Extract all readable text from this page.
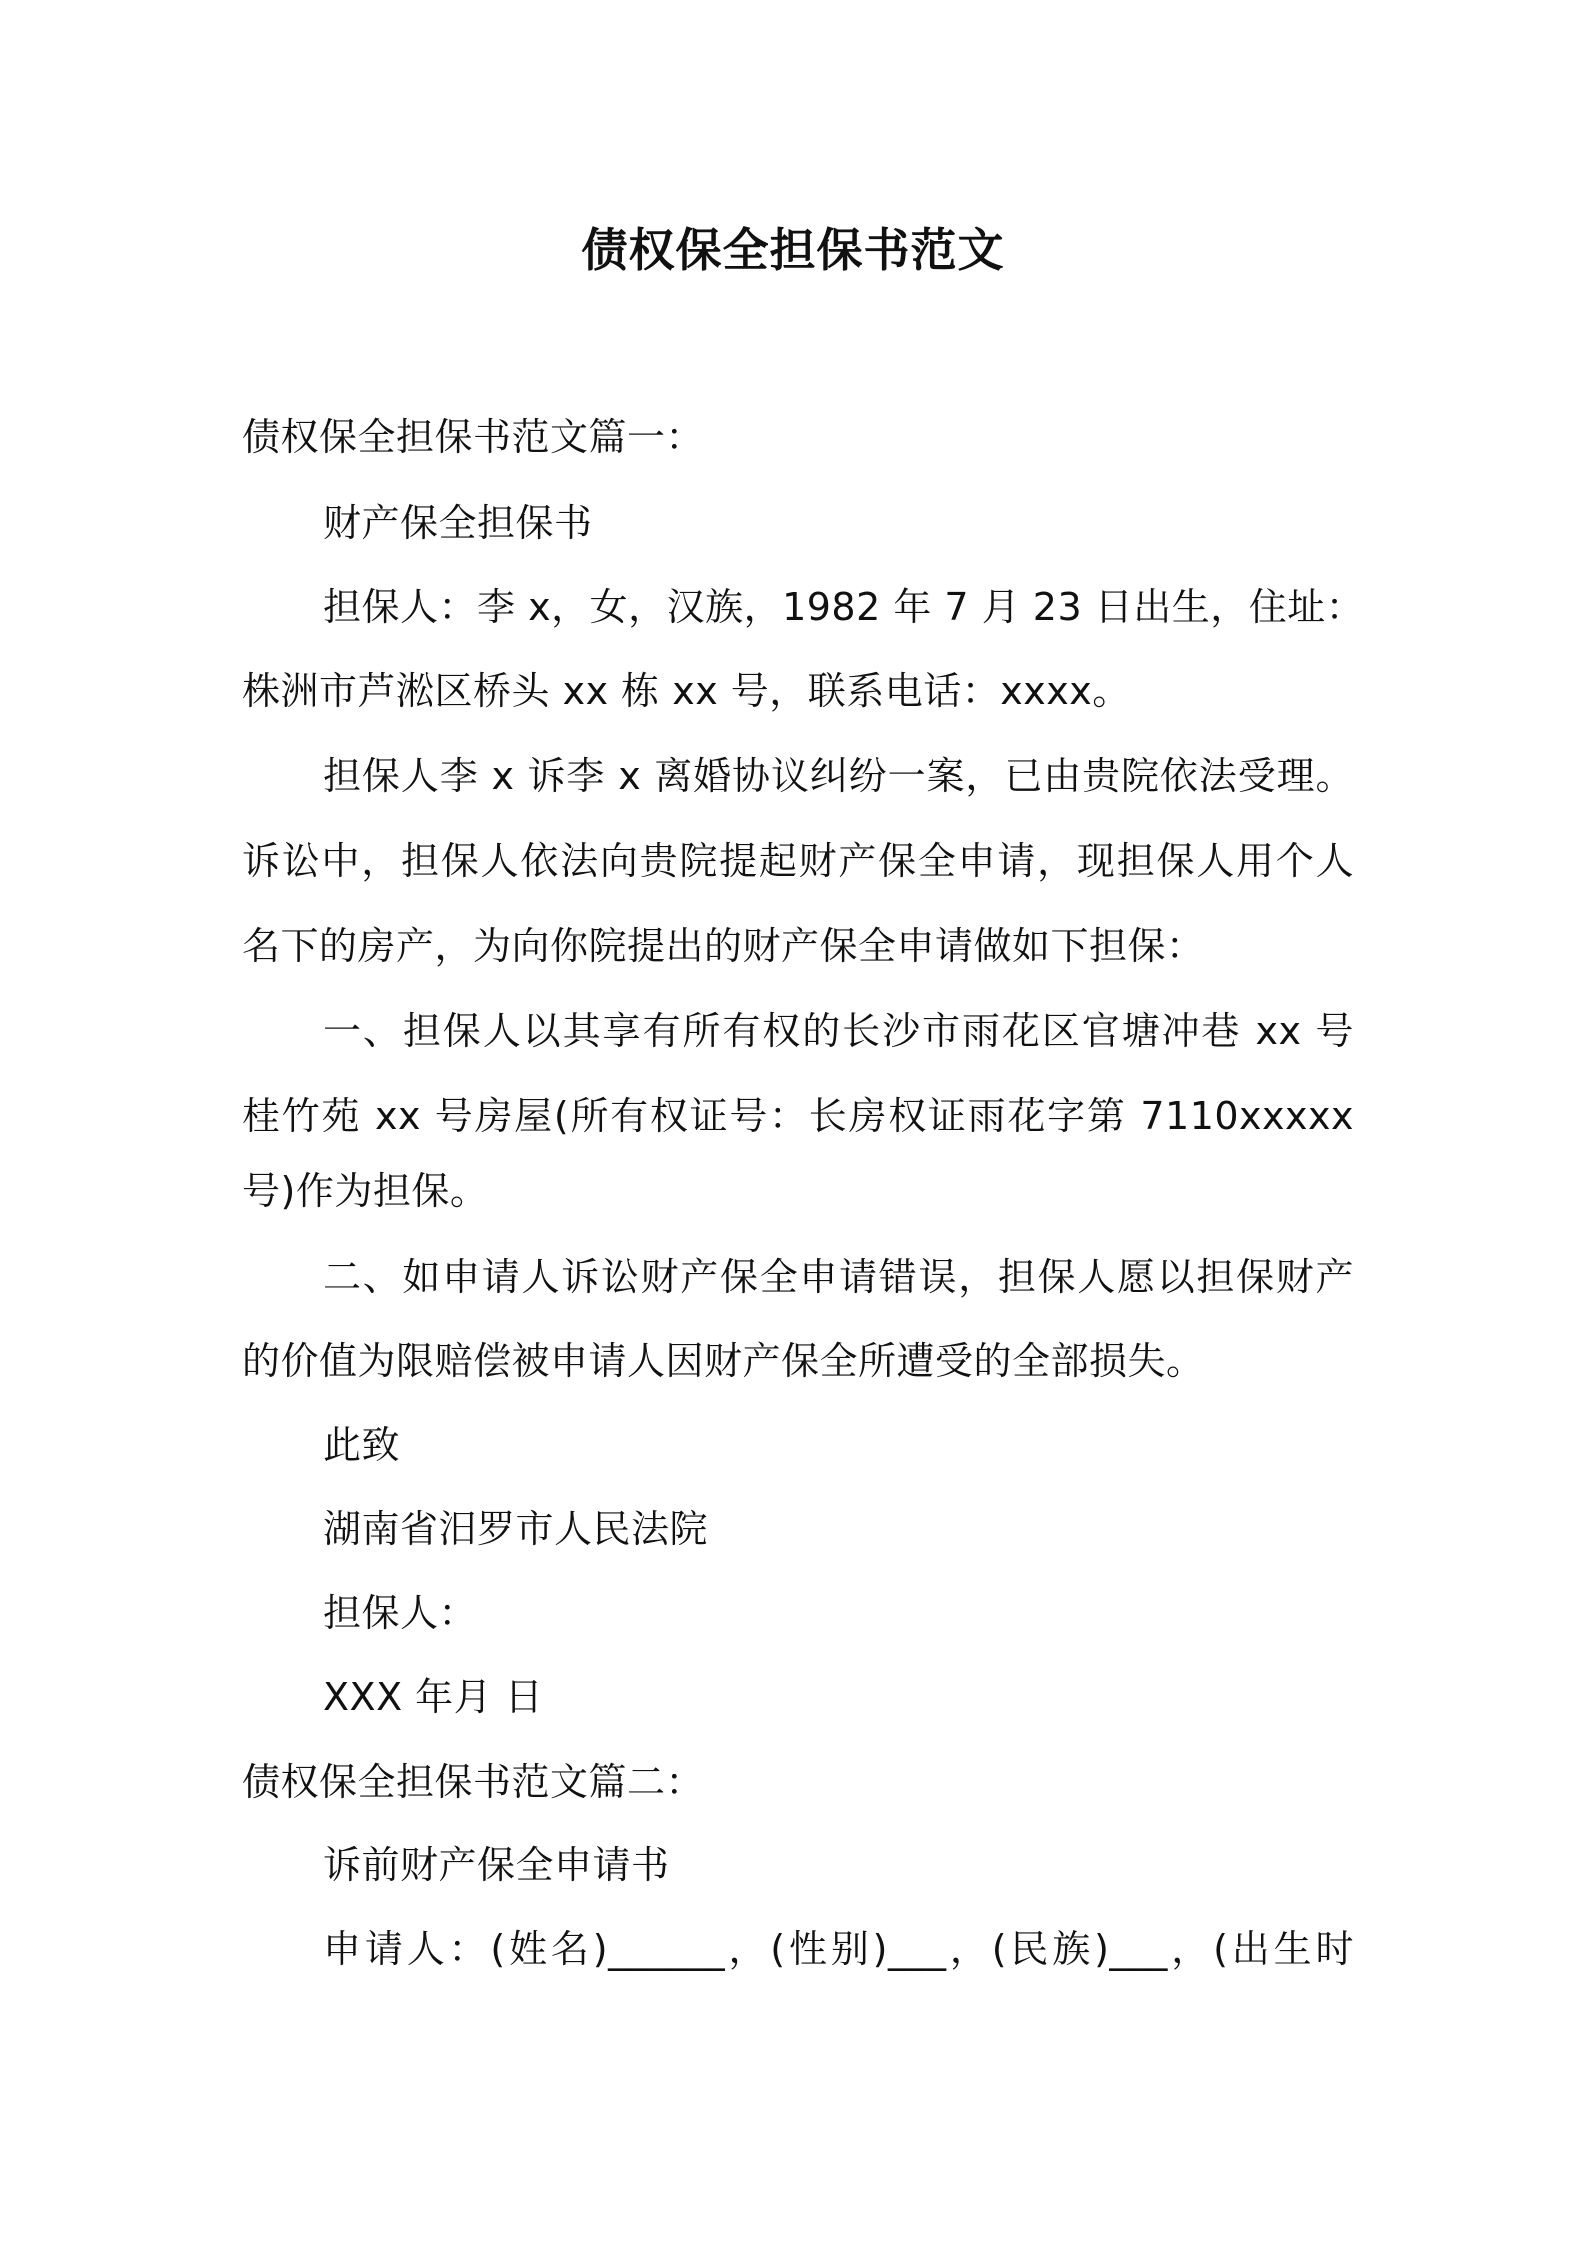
债权保全担保书范文
债权保全担保书范文篇一：
财产保全担保书
担保人：李 x，女，汉族，1982 年 7 月 23 日出生，住址：
株洲市芦淞区桥头 xx 栋 xx 号，联系电话：xxxx。
担保人李 x 诉李 x 离婚协议纠纷一案，已由贵院依法受理。
诉讼中，担保人依法向贵院提起财产保全申请，现担保人用个人
名下的房产，为向你院提出的财产保全申请做如下担保：
一、担保人以其享有所有权的长沙市雨花区官塘冲巷 xx 号
桂竹苑 xx 号房屋(所有权证号：长房权证雨花字第 7110xxxxx
号)作为担保。
二、如申请人诉讼财产保全申请错误，担保人愿以担保财产
的价值为限赔偿被申请人因财产保全所遭受的全部损失。
此致
湖南省汨罗市人民法院
担保人：
XXX 年月 日
债权保全担保书范文篇二：
诉前财产保全申请书
申请人：(姓名)______，(性别)___，(民族)___，(出生时
